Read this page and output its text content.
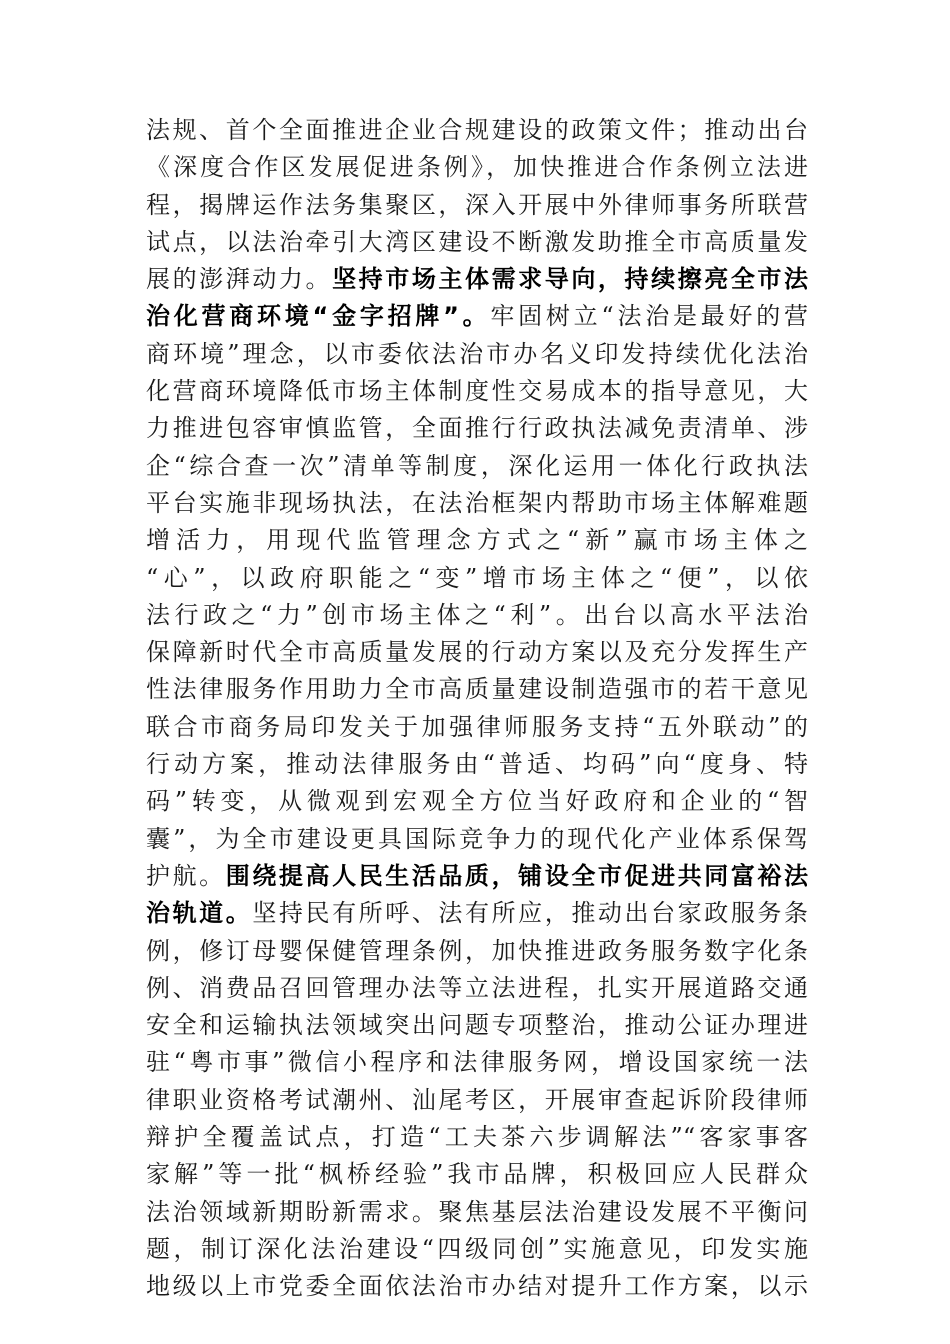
法规、首个全面推进企业合规建设的政策文件；推动出台
《深度合作区发展促进条例》，加快推进合作条例立法进
程，揭牌运作法务集聚区，深入开展中外律师事务所联营
试点，以法治牵引大湾区建设不断激发助推全市高质量发
展的澎湃动力。坚持市场主体需求导向，持续擦亮全市法
治化营商环境“金字招牌”。牢固树立“法治是最好的营
商环境”理念，以市委依法治市办名义印发持续优化法治
化营商环境降低市场主体制度性交易成本的指导意见，大
力推进包容审慎监管，全面推行行政执法减免责清单、涉
企“综合查一次”清单等制度，深化运用一体化行政执法
平台实施非现场执法，在法治框架内帮助市场主体解难题
增活力，用现代监管理念方式之“新”赢市场主体之
“心”，以政府职能之“变”增市场主体之“便”，以依
法行政之“力”创市场主体之“利”。出台以高水平法治
保障新时代全市高质量发展的行动方案以及充分发挥生产
性法律服务作用助力全市高质量建设制造强市的若干意见
联合市商务局印发关于加强律师服务支持“五外联动”的
行动方案，推动法律服务由“普适、均码”向“度身、特
码”转变，从微观到宏观全方位当好政府和企业的“智
囊”，为全市建设更具国际竞争力的现代化产业体系保驾
护航。围绕提高人民生活品质，铺设全市促进共同富裕法
治轨道。坚持民有所呼、法有所应，推动出台家政服务条
例，修订母婴保健管理条例，加快推进政务服务数字化条
例、消费品召回管理办法等立法进程，扎实开展道路交通
安全和运输执法领域突出问题专项整治，推动公证办理进
驻“粤市事”微信小程序和法律服务网，增设国家统一法
律职业资格考试潮州、汕尾考区，开展审查起诉阶段律师
辩护全覆盖试点，打造“工夫茶六步调解法”“客家事客
家解”等一批“枫桥经验”我市品牌，积极回应人民群众
法治领域新期盼新需求。聚焦基层法治建设发展不平衡问
题，制订深化法治建设“四级同创”实施意见，印发实施
地级以上市党委全面依法治市办结对提升工作方案，以示
